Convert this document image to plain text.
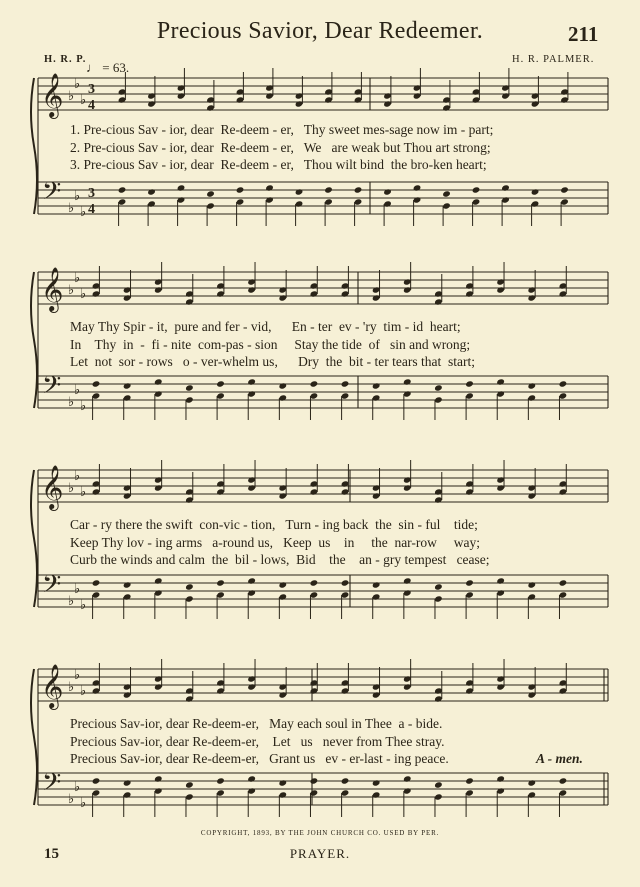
Precious Savior, Dear Redeemer.	211
H. R. P.	H. R. PALMER.
♩ = 63.
𝄞
𝄢
♭
♭
♭
♭
♭
♭
3
4
3
4
𝄞
𝄢
♭
♭
♭
♭
♭
♭
𝄞
𝄢
♭
♭
♭
♭
♭
♭
𝄞
𝄢
♭
♭
♭
♭
♭
♭
1. Pre-cious Sav - ior, dear  Re-deem - er,   Thy sweet mes-sage now im - part;
2. Pre-cious Sav - ior, dear  Re-deem - er,   We   are weak but Thou art strong;
3. Pre-cious Sav - ior, dear  Re-deem - er,   Thou wilt bind  the bro-ken heart;
May Thy Spir - it,  pure and fer - vid,      En - ter  ev - 'ry  tim - id  heart;
In    Thy  in  -  fi - nite  com-pas - sion     Stay the tide  of   sin and wrong;
Let  not  sor - rows   o - ver-whelm us,      Dry  the  bit - ter tears that  start;
Car - ry there the swift  con-vic - tion,   Turn - ing back  the  sin - ful    tide;
Keep Thy lov - ing arms   a-round us,   Keep  us    in     the  nar-row     way;
Curb the winds and calm  the  bil - lows,  Bid    the    an - gry tempest   cease;
Precious Sav-ior, dear Re-deem-er,   May each soul in Thee  a - bide.
Precious Sav-ior, dear Re-deem-er,    Let   us   never from Thee stray.
Precious Sav-ior, dear Re-deem-er,   Grant us   ev - er-last - ing peace.	A - men.
COPYRIGHT, 1893, BY THE JOHN CHURCH CO. USED BY PER.
15	PRAYER.
